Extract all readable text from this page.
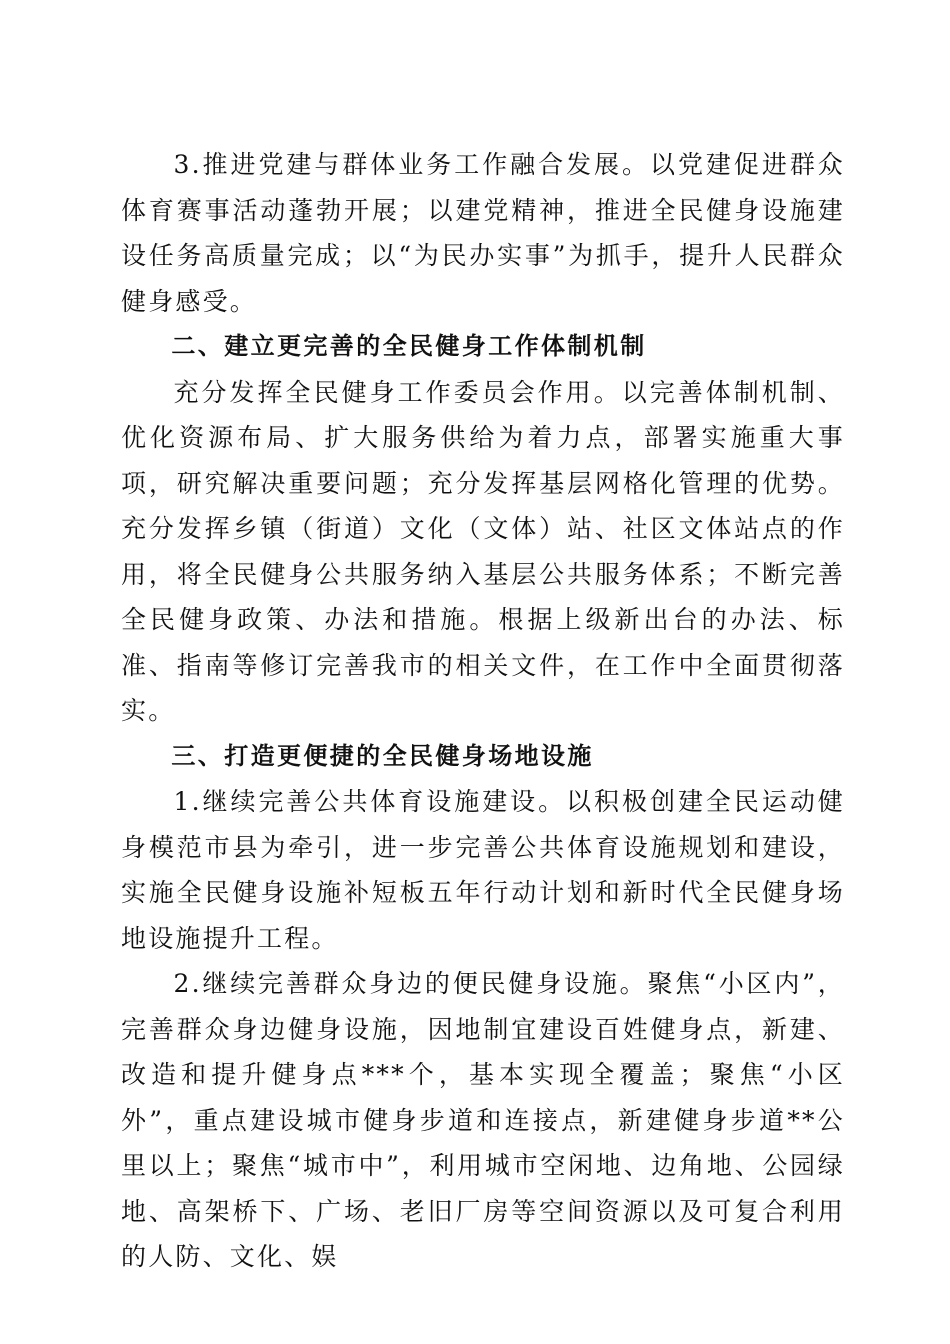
3.推进党建与群体业务工作融合发展。以党建促进群众体育赛事活动蓬勃开展；以建党精神，推进全民健身设施建设任务高质量完成；以“为民办实事”为抓手，提升人民群众健身感受。

二、建立更完善的全民健身工作体制机制

充分发挥全民健身工作委员会作用。以完善体制机制、优化资源布局、扩大服务供给为着力点，部署实施重大事项，研究解决重要问题；充分发挥基层网格化管理的优势。充分发挥乡镇（街道）文化（文体）站、社区文体站点的作用，将全民健身公共服务纳入基层公共服务体系；不断完善全民健身政策、办法和措施。根据上级新出台的办法、标准、指南等修订完善我市的相关文件，在工作中全面贯彻落实。

三、打造更便捷的全民健身场地设施

1.继续完善公共体育设施建设。以积极创建全民运动健身模范市县为牵引，进一步完善公共体育设施规划和建设，实施全民健身设施补短板五年行动计划和新时代全民健身场地设施提升工程。

2.继续完善群众身边的便民健身设施。聚焦“小区内”，完善群众身边健身设施，因地制宜建设百姓健身点，新建、改造和提升健身点***个，基本实现全覆盖；聚焦“小区外”，重点建设城市健身步道和连接点，新建健身步道**公里以上；聚焦“城市中”，利用城市空闲地、边角地、公园绿地、高架桥下、广场、老旧厂房等空间资源以及可复合利用的人防、文化、娱
